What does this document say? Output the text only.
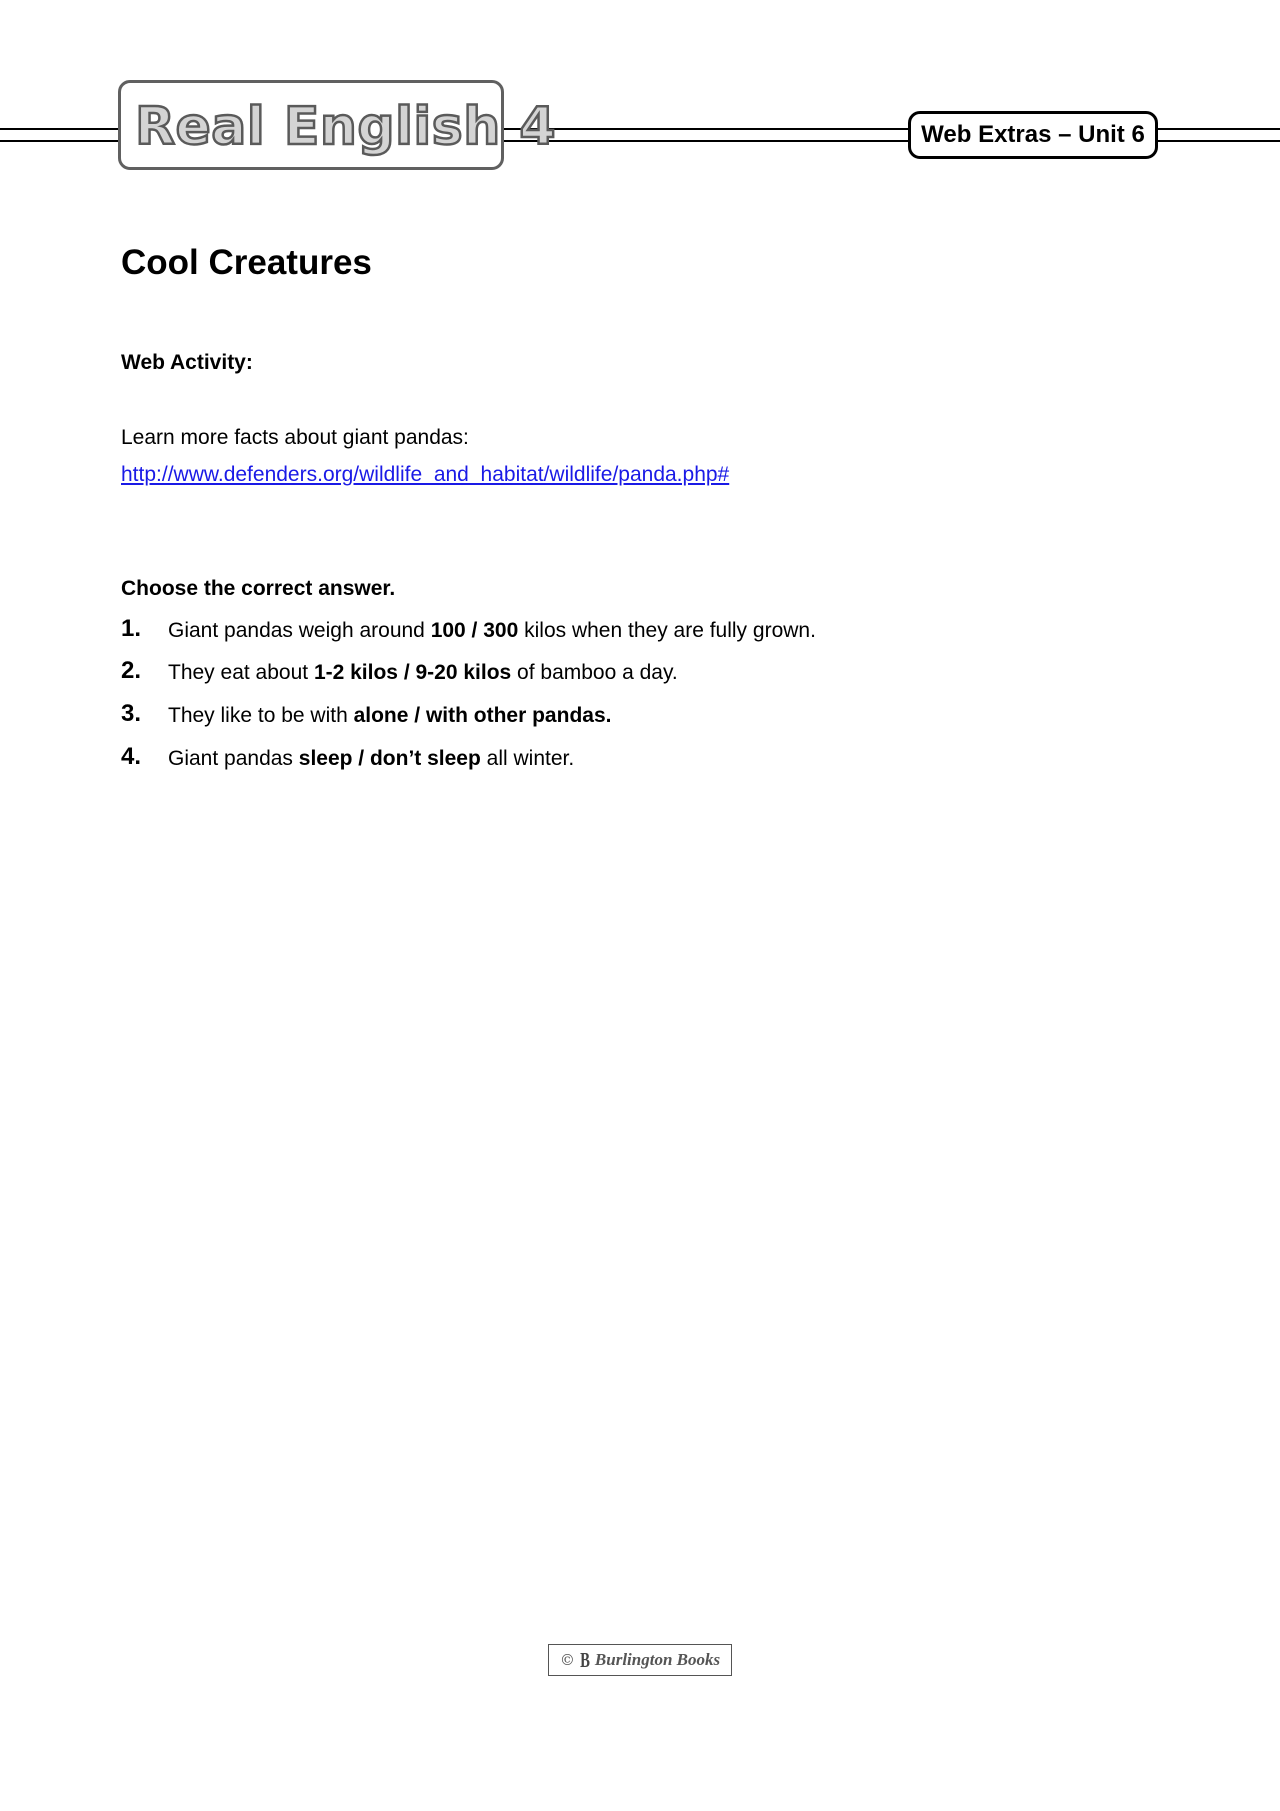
Real English 4	Web Extras – Unit 6
Cool Creatures
Web Activity:
Learn more facts about giant pandas:
http://www.defenders.org/wildlife_and_habitat/wildlife/panda.php#
Choose the correct answer.
1. Giant pandas weigh around 100 / 300 kilos when they are fully grown.
2. They eat about 1-2 kilos / 9-20 kilos of bamboo a day.
3. They like to be with alone / with other pandas.
4. Giant pandas sleep / don’t sleep all winter.
© B Burlington Books
